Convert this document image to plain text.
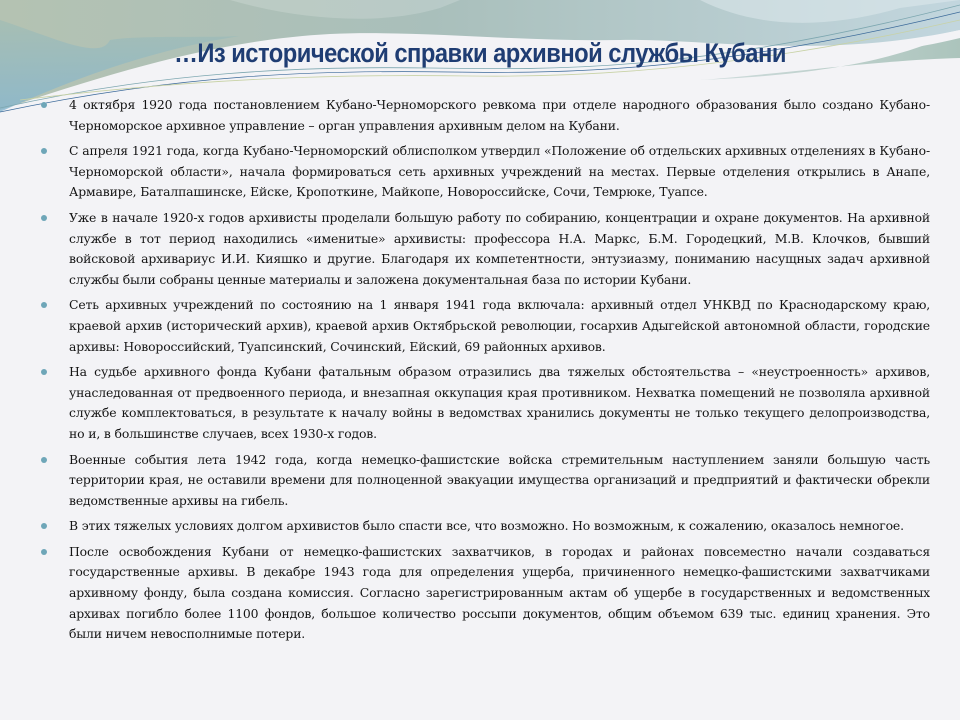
…Из исторической справки архивной службы Кубани
4 октября 1920 года постановлением Кубано-Черноморского ревкома при отделе народного образования было создано Кубано-Черноморское архивное управление – орган управления архивным делом на Кубани.
С апреля 1921 года, когда Кубано-Черноморский облисполком утвердил «Положение об отдельских архивных отделениях в Кубано-Черноморской области», начала формироваться сеть архивных учреждений на местах. Первые отделения открылись в Анапе, Армавире, Баталпашинске, Ейске, Кропоткине, Майкопе, Новороссийске, Сочи, Темрюке, Туапсе.
Уже в начале 1920-х годов архивисты проделали большую работу по собиранию, концентрации и охране документов. На архивной службе в тот период находились «именитые» архивисты: профессора Н.А. Маркс, Б.М. Городецкий, М.В. Клочков, бывший войсковой архивариус И.И. Кияшко и другие. Благодаря их компетентности, энтузиазму, пониманию насущных задач архивной службы были собраны ценные материалы и заложена документальная база по истории Кубани.
Сеть архивных учреждений по состоянию на 1 января 1941 года включала: архивный отдел УНКВД по Краснодарскому краю, краевой архив (исторический архив), краевой архив Октябрьской революции, госархив Адыгейской автономной области, городские архивы: Новороссийский, Туапсинский, Сочинский, Ейский, 69 районных архивов.
На судьбе архивного фонда Кубани фатальным образом отразились два тяжелых обстоятельства – «неустроенность» архивов, унаследованная от предвоенного периода, и внезапная оккупация края противником. Нехватка помещений не позволяла архивной службе комплектоваться, в результате к началу войны в ведомствах хранились документы не только текущего делопроизводства, но и, в большинстве случаев, всех 1930-х годов.
Военные события лета 1942 года, когда немецко-фашистские войска стремительным наступлением заняли большую часть территории края, не оставили времени для полноценной эвакуации имущества организаций и предприятий и фактически обрекли ведомственные архивы на гибель.
В этих тяжелых условиях долгом архивистов было спасти все, что возможно. Но возможным, к сожалению, оказалось немногое.
После освобождения Кубани от немецко-фашистских захватчиков, в городах и районах повсеместно начали создаваться государственные архивы. В декабре 1943 года для определения ущерба, причиненного немецко-фашистскими захватчиками архивному фонду, была создана комиссия. Согласно зарегистрированным актам об ущербе в государственных и ведомственных архивах погибло более 1100 фондов, большое количество россыпи документов, общим объемом 639 тыс. единиц хранения. Это были ничем невосполнимые потери.
